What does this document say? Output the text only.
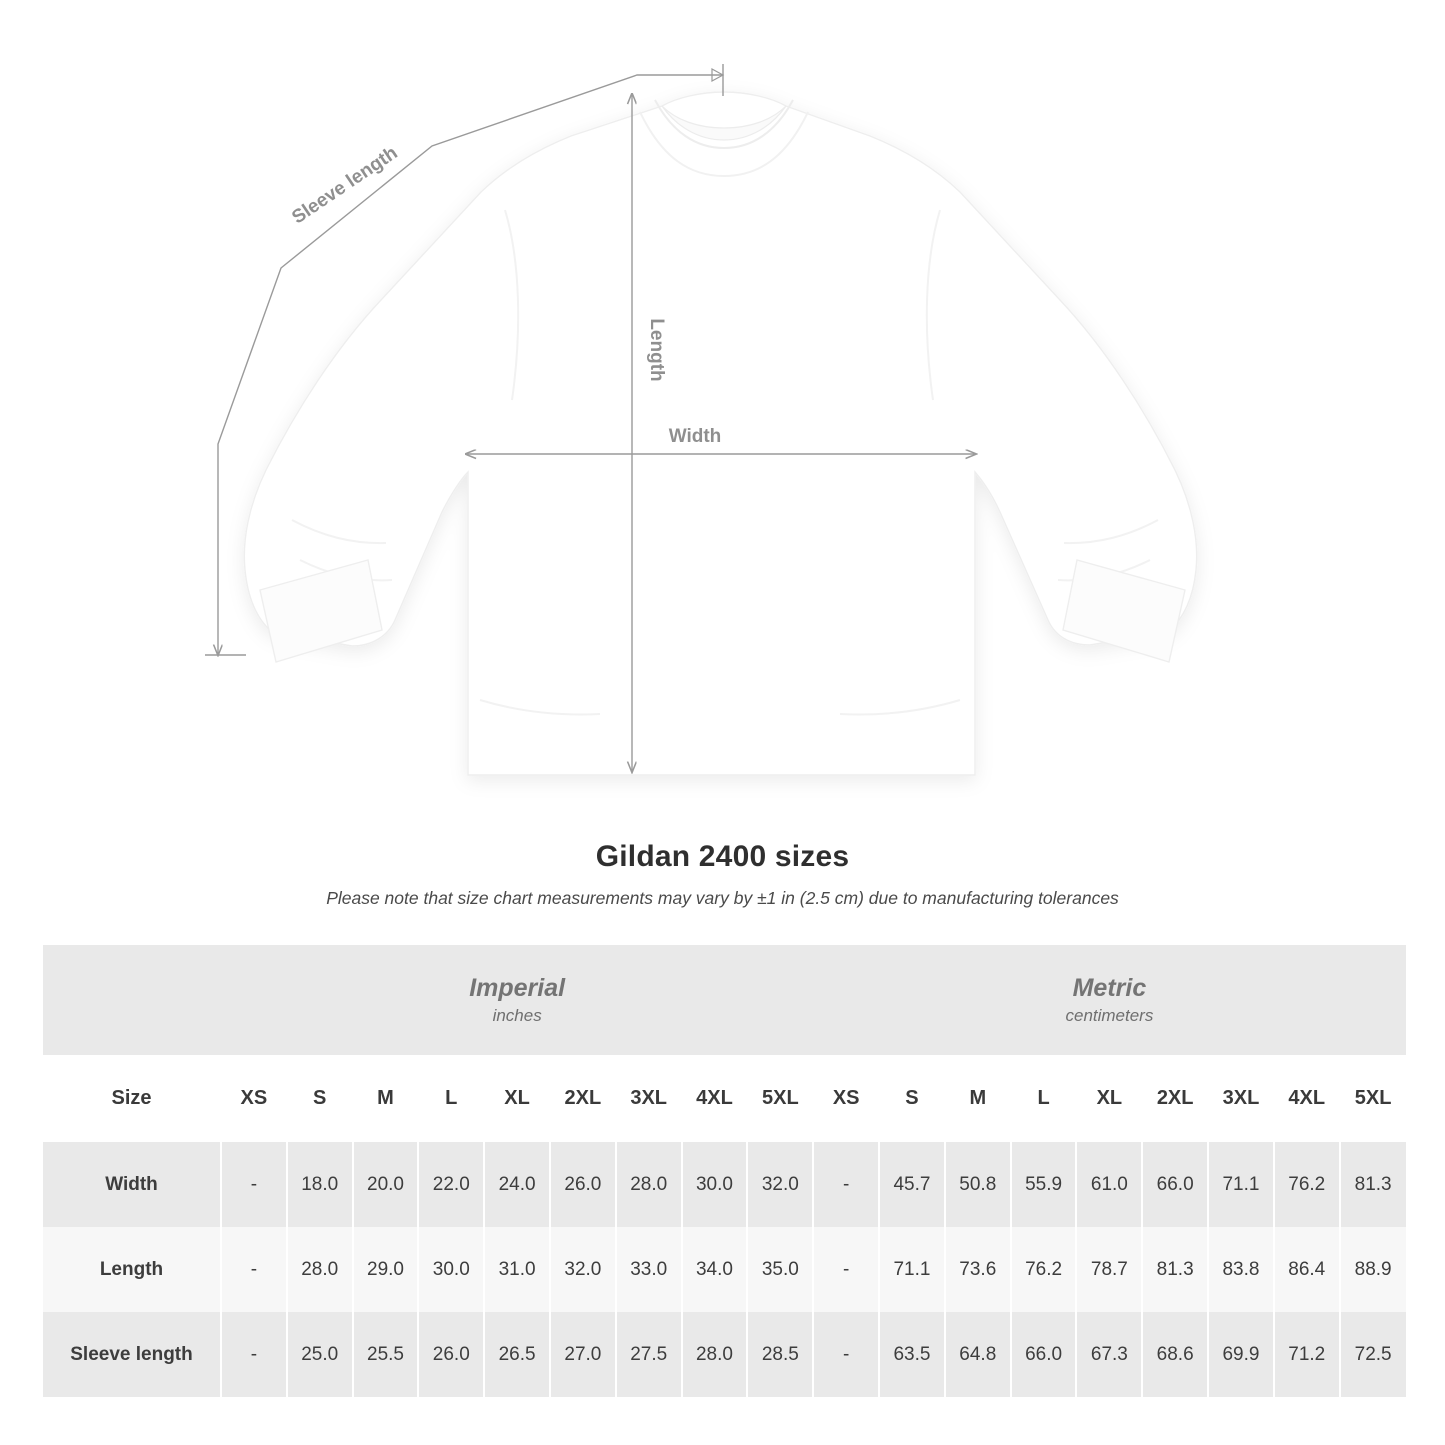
Sleeve length
Length
Width
Gildan 2400 sizes

Please note that size chart measurements may vary by ±1 in (2.5 cm) due to manufacturing tolerances

Imperial
inches

Metric
centimeters

Size	XS	S	M	L	XL	2XL	3XL	4XL	5XL	XS	S	M	L	XL	2XL	3XL	4XL	5XL
Width	-	18.0	20.0	22.0	24.0	26.0	28.0	30.0	32.0	-	45.7	50.8	55.9	61.0	66.0	71.1	76.2	81.3
Length	-	28.0	29.0	30.0	31.0	32.0	33.0	34.0	35.0	-	71.1	73.6	76.2	78.7	81.3	83.8	86.4	88.9
Sleeve length	-	25.0	25.5	26.0	26.5	27.0	27.5	28.0	28.5	-	63.5	64.8	66.0	67.3	68.6	69.9	71.2	72.5
